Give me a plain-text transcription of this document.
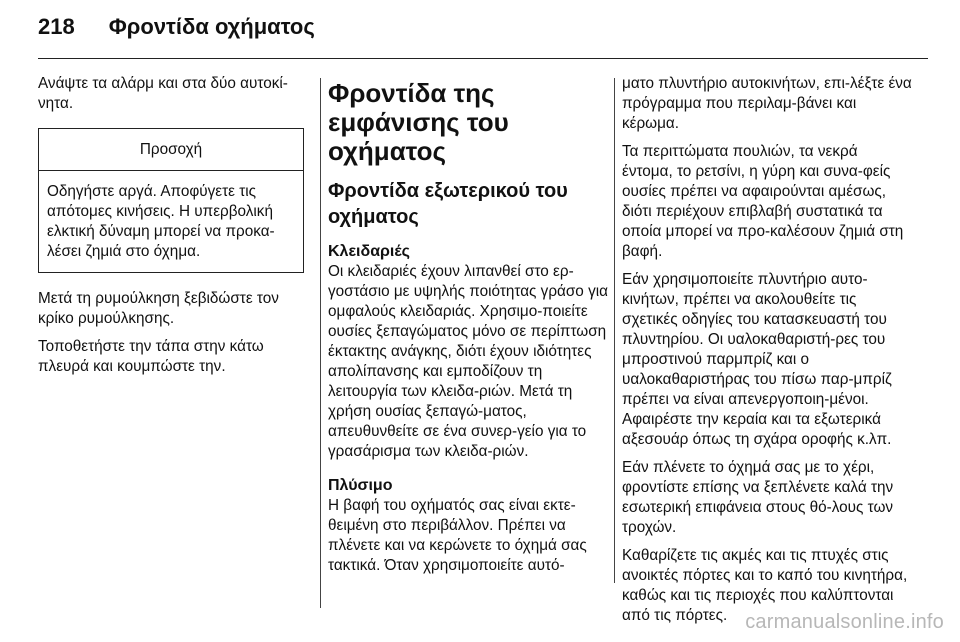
218 Φροντίδα οχήματος

Ανάψτε τα αλάρμ και στα δύο αυτοκί-νητα.

Προσοχή
Οδηγήστε αργά. Αποφύγετε τις απότομες κινήσεις. Η υπερβολική ελκτική δύναμη μπορεί να προκα-λέσει ζημιά στο όχημα.

Μετά τη ρυμούλκηση ξεβιδώστε τον κρίκο ρυμούλκησης.

Τοποθετήστε την τάπα στην κάτω πλευρά και κουμπώστε την.

Φροντίδα της εμφάνισης του οχήματος
Φροντίδα εξωτερικού του οχήματος
Κλειδαριές

Οι κλειδαριές έχουν λιπανθεί στο ερ-γοστάσιο με υψηλής ποιότητας γράσο για ομφαλούς κλειδαριάς. Χρησιμο-ποιείτε ουσίες ξεπαγώματος μόνο σε περίπτωση έκτακτης ανάγκης, διότι έχουν ιδιότητες απολίπανσης και εμποδίζουν τη λειτουργία των κλειδα-ριών. Μετά τη χρήση ουσίας ξεπαγώ-ματος, απευθυνθείτε σε ένα συνερ-γείο για το γρασάρισμα των κλειδα-ριών.

Πλύσιμο

Η βαφή του οχήματός σας είναι εκτε-θειμένη στο περιβάλλον. Πρέπει να πλένετε και να κερώνετε το όχημά σας τακτικά. Όταν χρησιμοποιείτε αυτό-

ματο πλυντήριο αυτοκινήτων, επι-λέξτε ένα πρόγραμμα που περιλαμ-βάνει και κέρωμα.

Τα περιττώματα πουλιών, τα νεκρά έντομα, το ρετσίνι, η γύρη και συνα-φείς ουσίες πρέπει να αφαιρούνται αμέσως, διότι περιέχουν επιβλαβή συστατικά τα οποία μπορεί να προ-καλέσουν ζημιά στη βαφή.

Εάν χρησιμοποιείτε πλυντήριο αυτο-κινήτων, πρέπει να ακολουθείτε τις σχετικές οδηγίες του κατασκευαστή του πλυντηρίου. Οι υαλοκαθαριστή-ρες του μπροστινού παρμπρίζ και ο υαλοκαθαριστήρας του πίσω παρ-μπρίζ πρέπει να είναι απενεργοποιη-μένοι. Αφαιρέστε την κεραία και τα εξωτερικά αξεσουάρ όπως τη σχάρα οροφής κ.λπ.

Εάν πλένετε το όχημά σας με το χέρι, φροντίστε επίσης να ξεπλένετε καλά την εσωτερική επιφάνεια στους θό-λους των τροχών.

Καθαρίζετε τις ακμές και τις πτυχές στις ανοικτές πόρτες και το καπό του κινητήρα, καθώς και τις περιοχές που καλύπτονται από τις πόρτες. carmanualsonline.info
